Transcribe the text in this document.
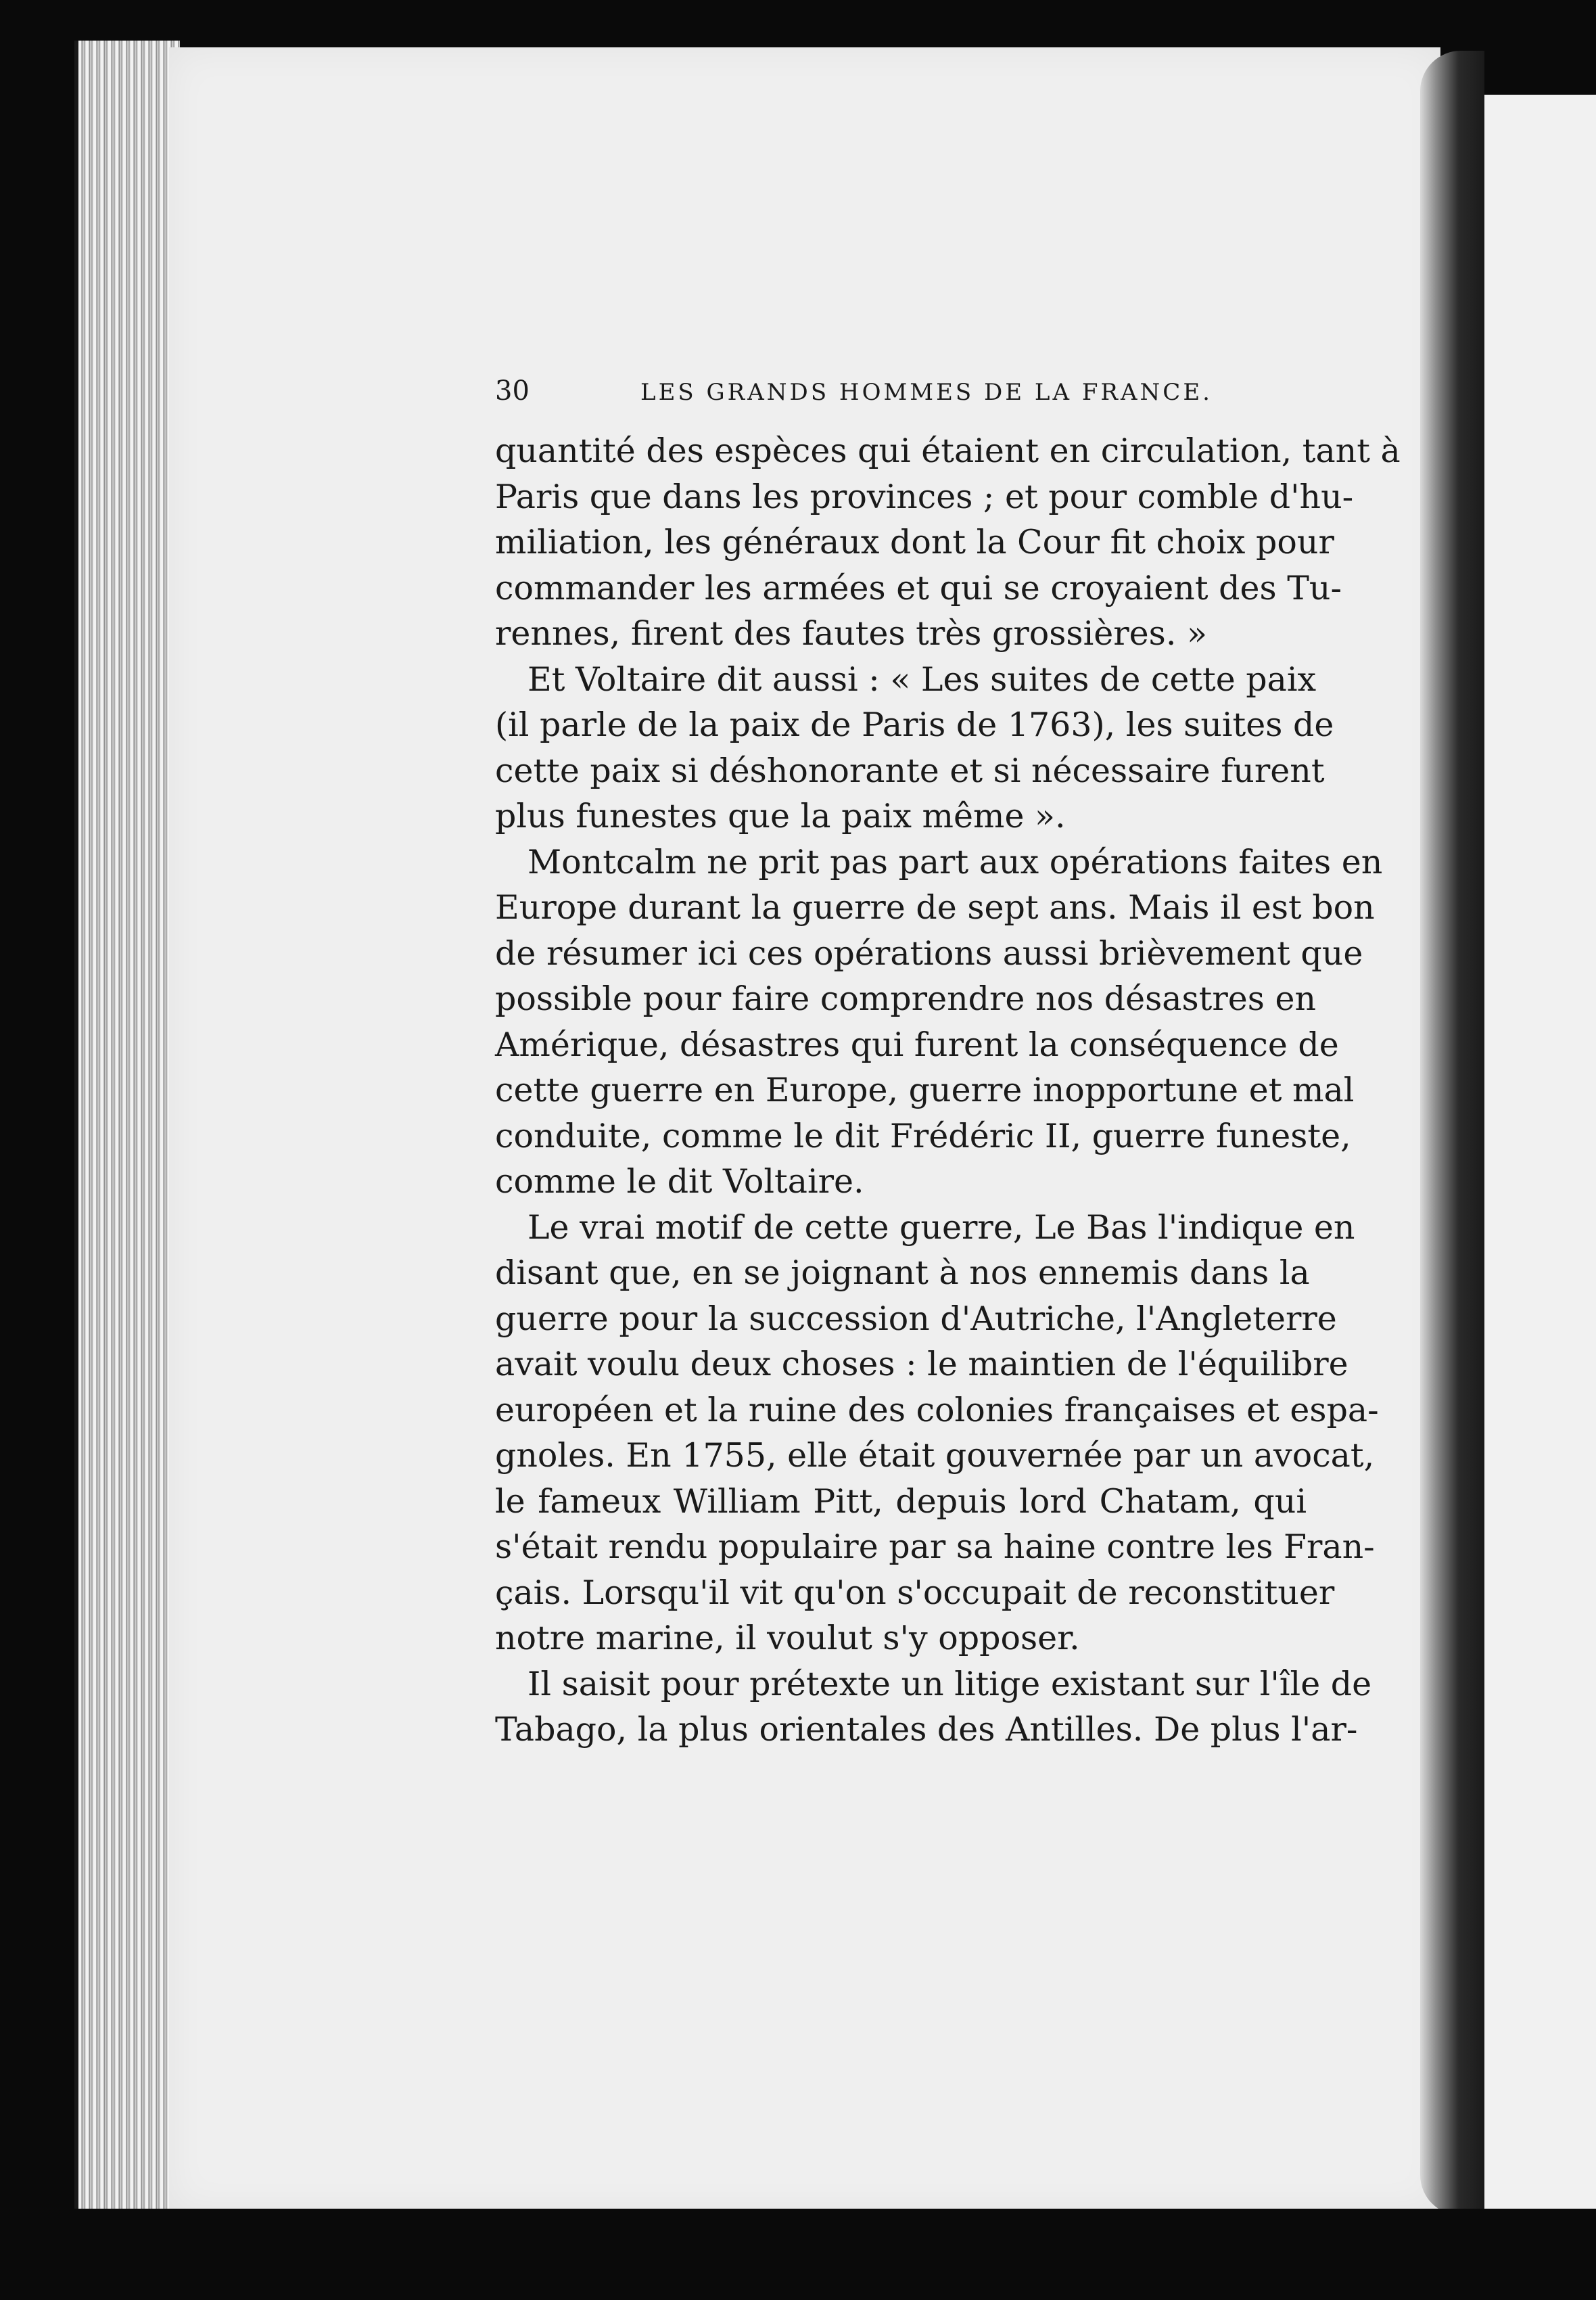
30	LES GRANDS HOMMES DE LA FRANCE.
quantité des espèces qui étaient en circulation, tant à
Paris que dans les provinces ; et pour comble d'hu-
miliation, les généraux dont la Cour fit choix pour
commander les armées et qui se croyaient des Tu-
rennes, firent des fautes très grossières. »
Et Voltaire dit aussi : « Les suites de cette paix
(il parle de la paix de Paris de 1763), les suites de
cette paix si déshonorante et si nécessaire furent
plus funestes que la paix même ».
Montcalm ne prit pas part aux opérations faites en
Europe durant la guerre de sept ans. Mais il est bon
de résumer ici ces opérations aussi brièvement que
possible pour faire comprendre nos désastres en
Amérique, désastres qui furent la conséquence de
cette guerre en Europe, guerre inopportune et mal
conduite, comme le dit Frédéric II, guerre funeste,
comme le dit Voltaire.
Le vrai motif de cette guerre, Le Bas l'indique en
disant que, en se joignant à nos ennemis dans la
guerre pour la succession d'Autriche, l'Angleterre
avait voulu deux choses : le maintien de l'équilibre
européen et la ruine des colonies françaises et espa-
gnoles. En 1755, elle était gouvernée par un avocat,
le fameux William Pitt, depuis lord Chatam, qui
s'était rendu populaire par sa haine contre les Fran-
çais. Lorsqu'il vit qu'on s'occupait de reconstituer
notre marine, il voulut s'y opposer.
Il saisit pour prétexte un litige existant sur l'île de
Tabago, la plus orientales des Antilles. De plus l'ar-
